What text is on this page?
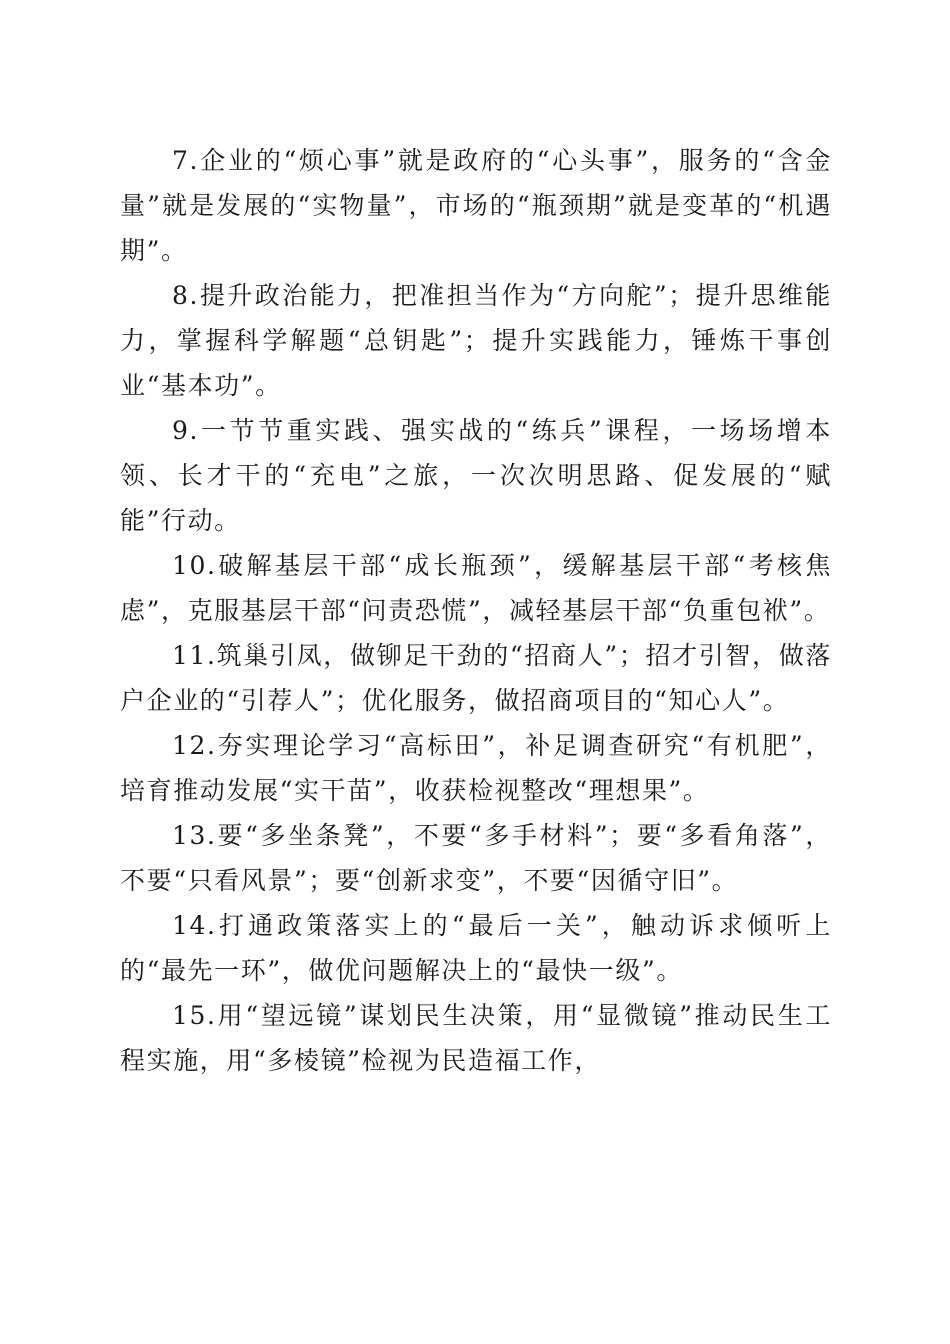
7.企业的“烦心事”就是政府的“心头事”，服务的“含金量”就是发展的“实物量”，市场的“瓶颈期”就是变革的“机遇期”。

8.提升政治能力，把准担当作为“方向舵”；提升思维能力，掌握科学解题“总钥匙”；提升实践能力，锤炼干事创业“基本功”。

9.一节节重实践、强实战的“练兵”课程，一场场增本领、长才干的“充电”之旅，一次次明思路、促发展的“赋能”行动。

10.破解基层干部“成长瓶颈”，缓解基层干部“考核焦虑”，克服基层干部“问责恐慌”，减轻基层干部“负重包袱”。

11.筑巢引凤，做铆足干劲的“招商人”；招才引智，做落户企业的“引荐人”；优化服务，做招商项目的“知心人”。

12.夯实理论学习“高标田”，补足调查研究“有机肥”，培育推动发展“实干苗”，收获检视整改“理想果”。

13.要“多坐条凳”，不要“多手材料”；要“多看角落”，不要“只看风景”；要“创新求变”，不要“因循守旧”。

14.打通政策落实上的“最后一关”，触动诉求倾听上的“最先一环”，做优问题解决上的“最快一级”。

15.用“望远镜”谋划民生决策，用“显微镜”推动民生工程实施，用“多棱镜”检视为民造福工作，
